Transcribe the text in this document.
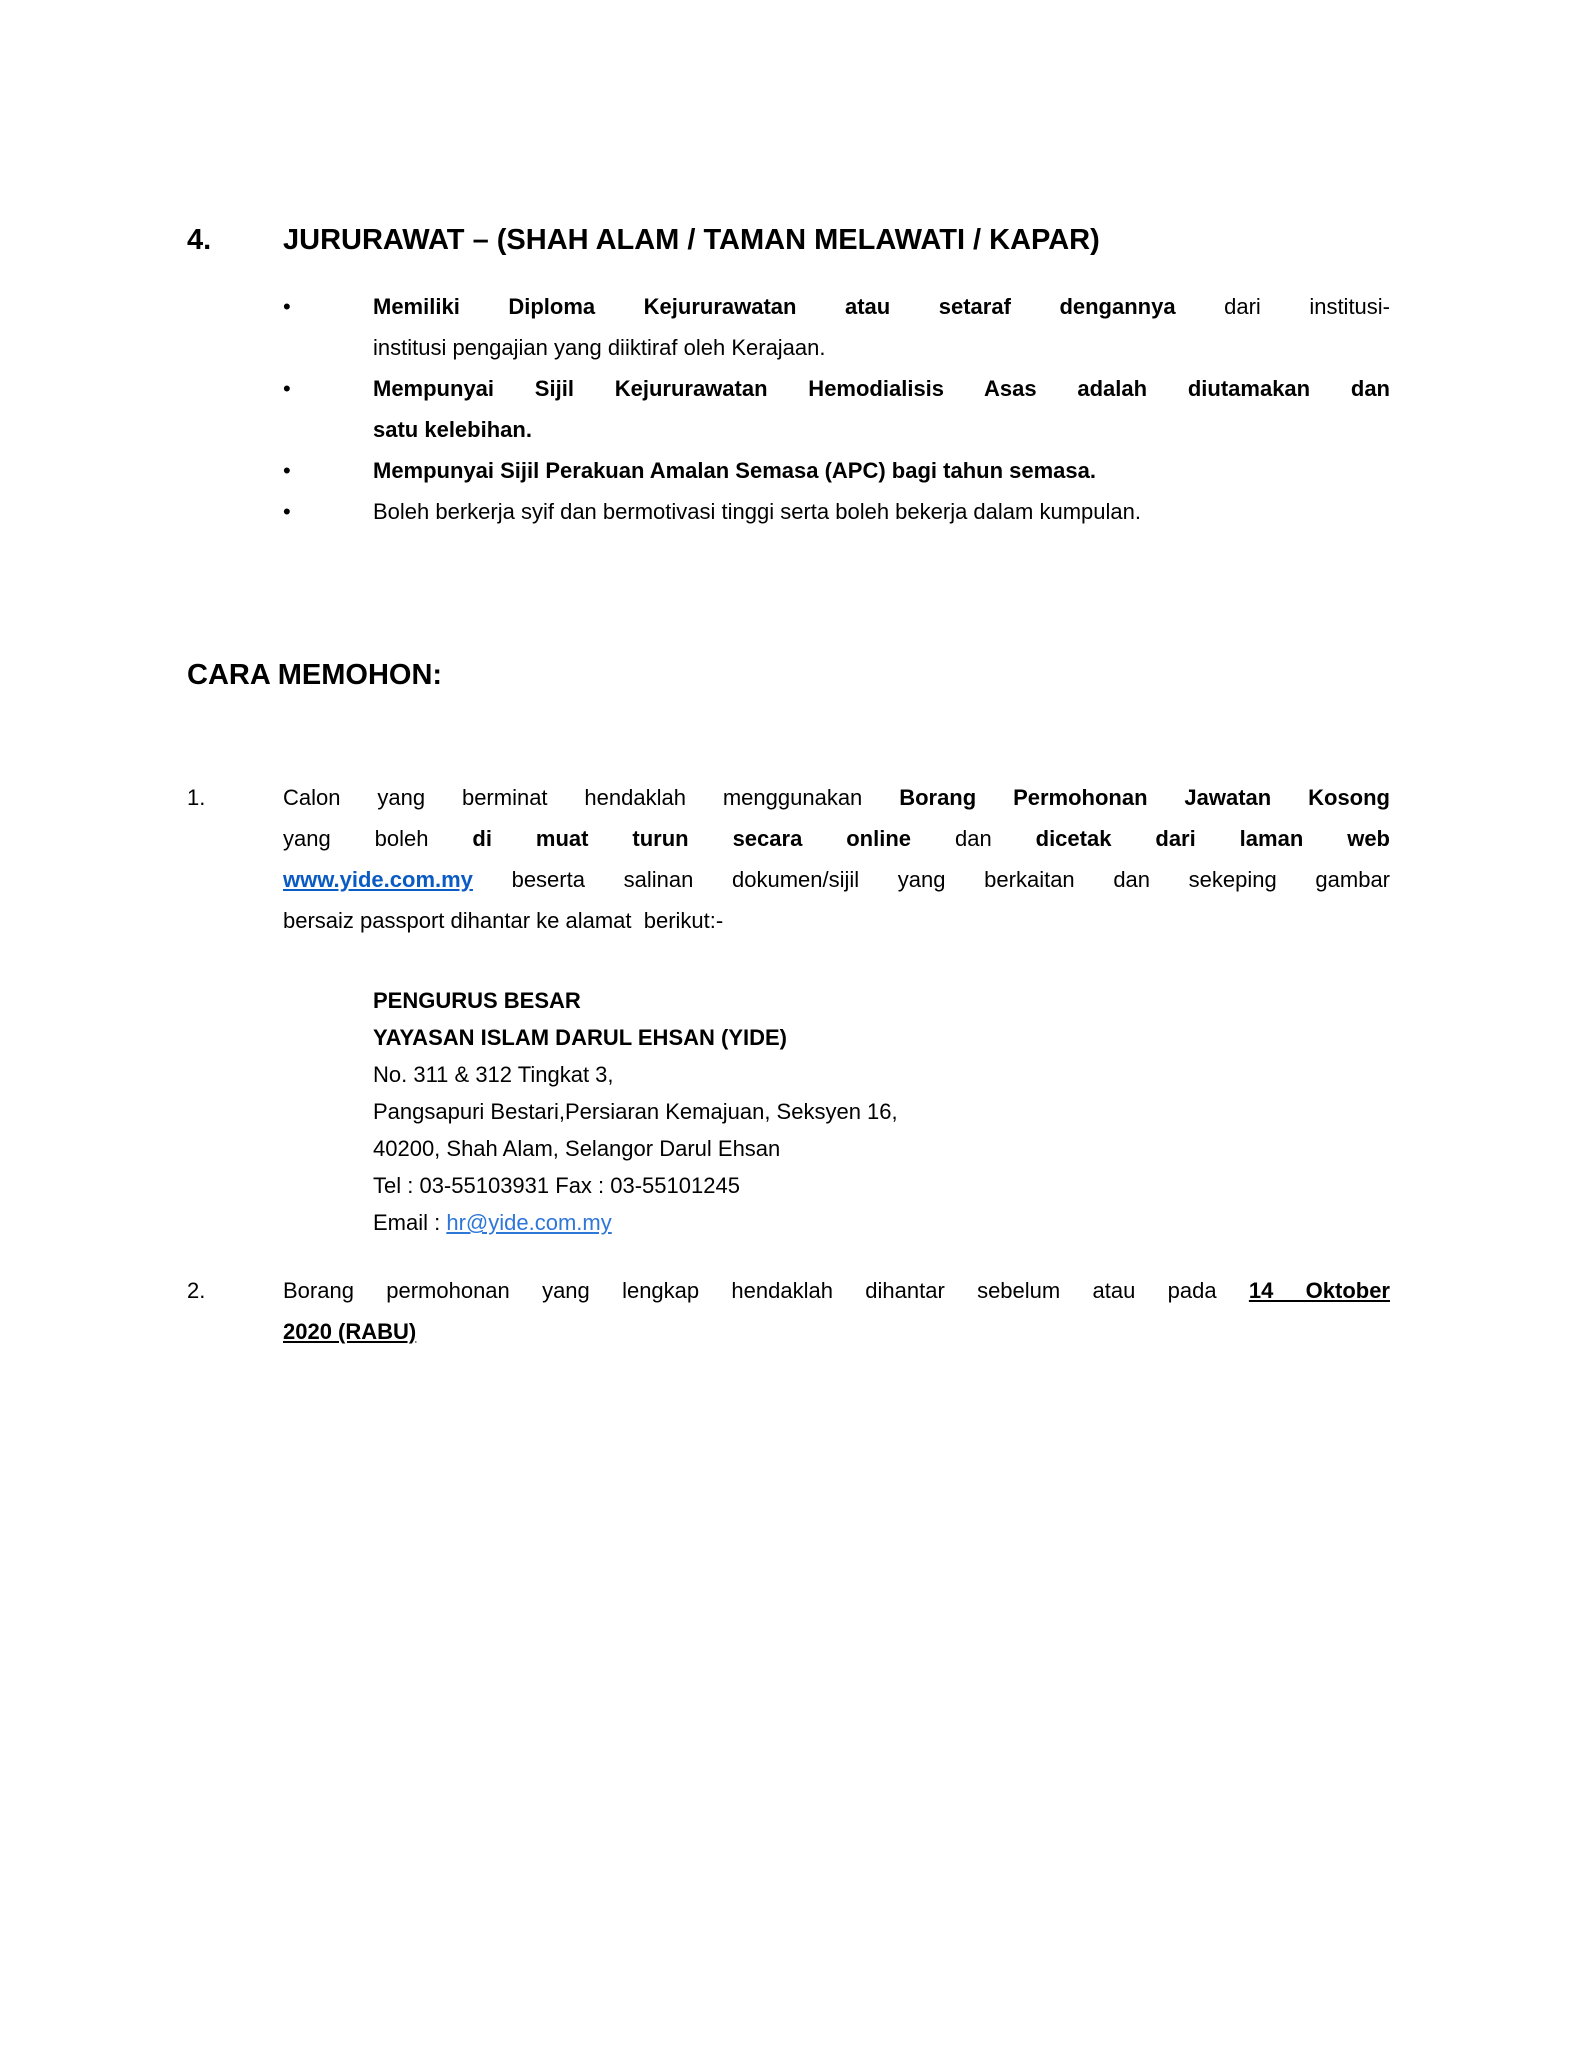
4.	JURURAWAT – (SHAH ALAM / TAMAN MELAWATI / KAPAR)
•	Memiliki Diploma Kejururawatan atau setaraf dengannya dari institusi-
institusi pengajian yang diiktiraf oleh Kerajaan.
•	Mempunyai Sijil Kejururawatan Hemodialisis Asas adalah diutamakan dan
satu kelebihan.
•	Mempunyai Sijil Perakuan Amalan Semasa (APC) bagi tahun semasa.
•	Boleh berkerja syif dan bermotivasi tinggi serta boleh bekerja dalam kumpulan.
CARA MEMOHON:
1.	Calon yang berminat hendaklah menggunakan Borang Permohonan Jawatan Kosong
yang boleh di muat turun secara online dan dicetak dari laman web
www.yide.com.my beserta salinan dokumen/sijil yang berkaitan dan sekeping gambar
bersaiz passport dihantar ke alamat  berikut:-
PENGURUS BESAR
YAYASAN ISLAM DARUL EHSAN (YIDE)
No. 311 & 312 Tingkat 3,
Pangsapuri Bestari,Persiaran Kemajuan, Seksyen 16,
40200, Shah Alam, Selangor Darul Ehsan
Tel : 03-55103931 Fax : 03-55101245
Email : hr@yide.com.my
2.	Borang permohonan yang lengkap hendaklah dihantar sebelum atau pada 14 Oktober
2020 (RABU)
